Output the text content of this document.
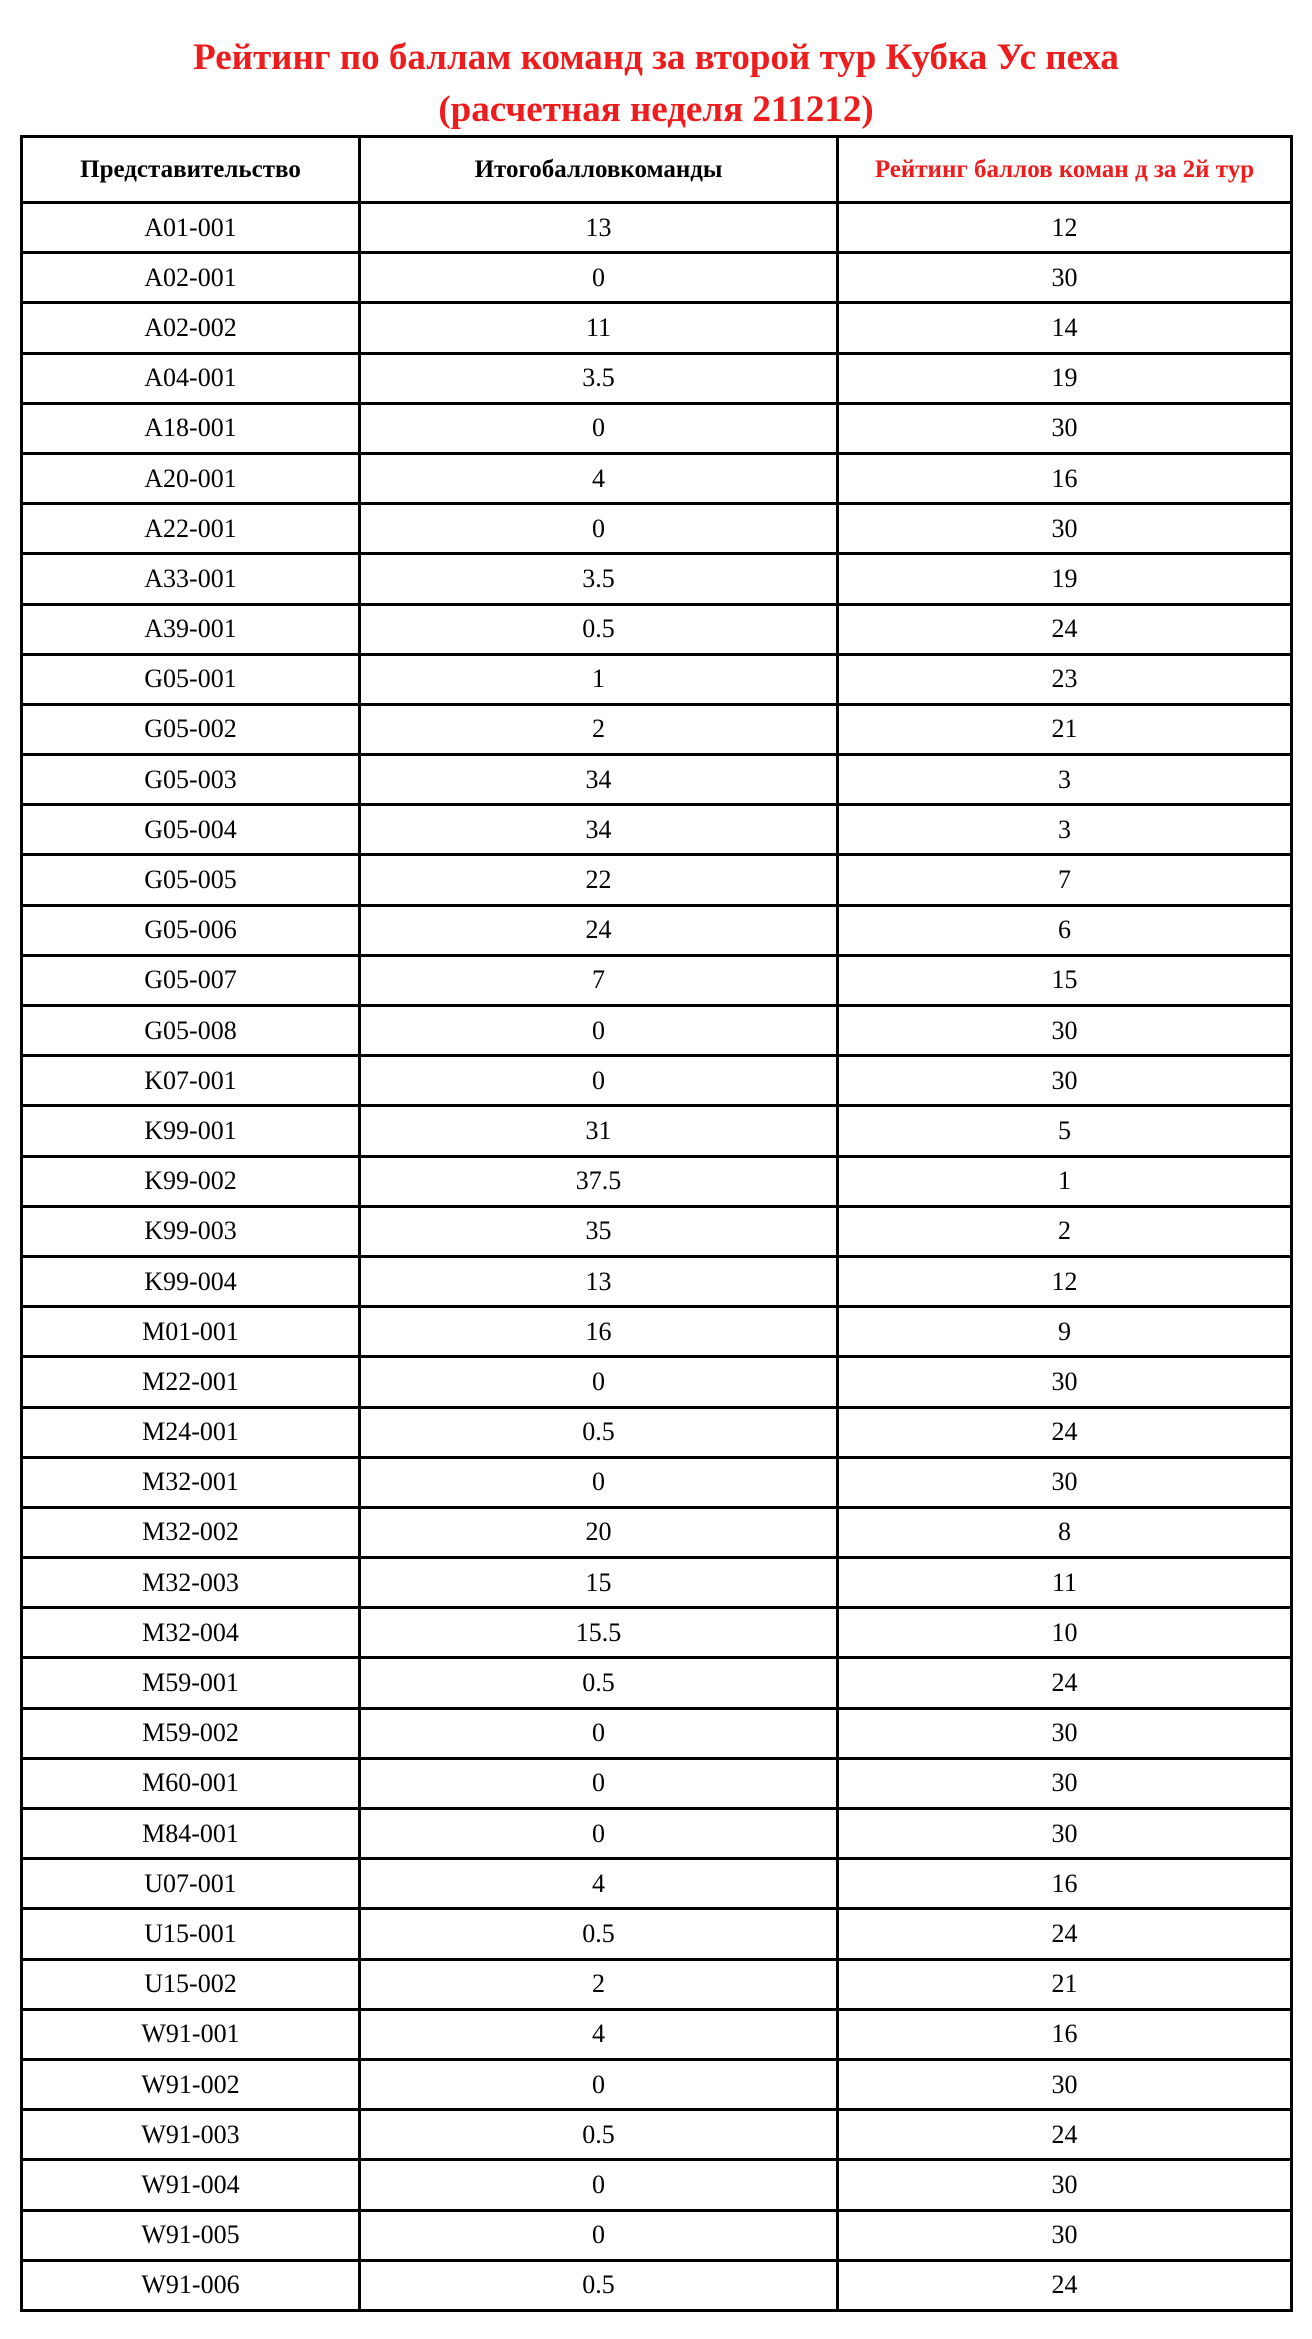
Рейтинг по баллам команд за второй тур Кубка Ус пеха
(расчетная неделя 211212)
Представительство	Итогобалловкоманды	Рейтинг баллов коман д за 2й тур
A01-001	13	12
A02-001	0	30
A02-002	11	14
A04-001	3.5	19
A18-001	0	30
A20-001	4	16
A22-001	0	30
A33-001	3.5	19
A39-001	0.5	24
G05-001	1	23
G05-002	2	21
G05-003	34	3
G05-004	34	3
G05-005	22	7
G05-006	24	6
G05-007	7	15
G05-008	0	30
K07-001	0	30
K99-001	31	5
K99-002	37.5	1
K99-003	35	2
K99-004	13	12
M01-001	16	9
M22-001	0	30
M24-001	0.5	24
M32-001	0	30
M32-002	20	8
M32-003	15	11
M32-004	15.5	10
M59-001	0.5	24
M59-002	0	30
M60-001	0	30
M84-001	0	30
U07-001	4	16
U15-001	0.5	24
U15-002	2	21
W91-001	4	16
W91-002	0	30
W91-003	0.5	24
W91-004	0	30
W91-005	0	30
W91-006	0.5	24
